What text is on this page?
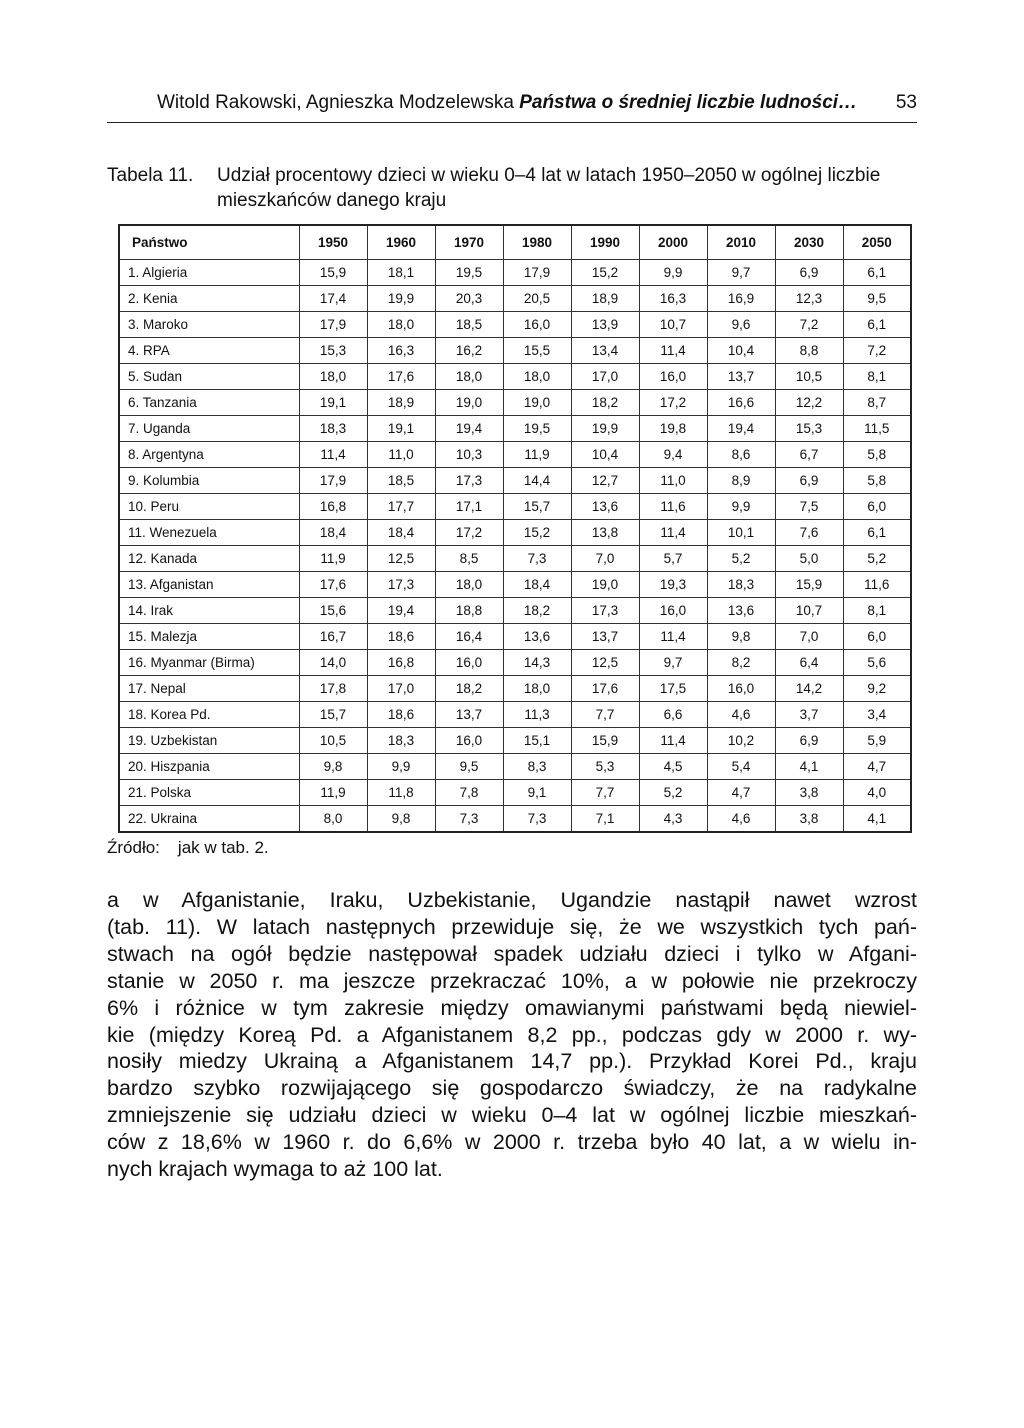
Witold Rakowski, Agnieszka Modzelewska Państwa o średniej liczbie ludności… 53
Tabela 11. Udział procentowy dzieci w wieku 0–4 lat w latach 1950–2050 w ogólnej liczbie mieszkańców danego kraju
Państwo	1950	1960	1970	1980	1990	2000	2010	2030	2050
1. Algieria	15,9	18,1	19,5	17,9	15,2	9,9	9,7	6,9	6,1
2. Kenia	17,4	19,9	20,3	20,5	18,9	16,3	16,9	12,3	9,5
3. Maroko	17,9	18,0	18,5	16,0	13,9	10,7	9,6	7,2	6,1
4. RPA	15,3	16,3	16,2	15,5	13,4	11,4	10,4	8,8	7,2
5. Sudan	18,0	17,6	18,0	18,0	17,0	16,0	13,7	10,5	8,1
6. Tanzania	19,1	18,9	19,0	19,0	18,2	17,2	16,6	12,2	8,7
7. Uganda	18,3	19,1	19,4	19,5	19,9	19,8	19,4	15,3	11,5
8. Argentyna	11,4	11,0	10,3	11,9	10,4	9,4	8,6	6,7	5,8
9. Kolumbia	17,9	18,5	17,3	14,4	12,7	11,0	8,9	6,9	5,8
10. Peru	16,8	17,7	17,1	15,7	13,6	11,6	9,9	7,5	6,0
11. Wenezuela	18,4	18,4	17,2	15,2	13,8	11,4	10,1	7,6	6,1
12. Kanada	11,9	12,5	8,5	7,3	7,0	5,7	5,2	5,0	5,2
13. Afganistan	17,6	17,3	18,0	18,4	19,0	19,3	18,3	15,9	11,6
14. Irak	15,6	19,4	18,8	18,2	17,3	16,0	13,6	10,7	8,1
15. Malezja	16,7	18,6	16,4	13,6	13,7	11,4	9,8	7,0	6,0
16. Myanmar (Birma)	14,0	16,8	16,0	14,3	12,5	9,7	8,2	6,4	5,6
17. Nepal	17,8	17,0	18,2	18,0	17,6	17,5	16,0	14,2	9,2
18. Korea Pd.	15,7	18,6	13,7	11,3	7,7	6,6	4,6	3,7	3,4
19. Uzbekistan	10,5	18,3	16,0	15,1	15,9	11,4	10,2	6,9	5,9
20. Hiszpania	9,8	9,9	9,5	8,3	5,3	4,5	5,4	4,1	4,7
21. Polska	11,9	11,8	7,8	9,1	7,7	5,2	4,7	3,8	4,0
22. Ukraina	8,0	9,8	7,3	7,3	7,1	4,3	4,6	3,8	4,1
Źródło: jak w tab. 2.
a w Afganistanie, Iraku, Uzbekistanie, Ugandzie nastąpił nawet wzrost
(tab. 11). W latach następnych przewiduje się, że we wszystkich tych pań-
stwach na ogół będzie następował spadek udziału dzieci i tylko w Afgani-
stanie w 2050 r. ma jeszcze przekraczać 10%, a w połowie nie przekroczy
6% i różnice w tym zakresie między omawianymi państwami będą niewiel-
kie (między Koreą Pd. a Afganistanem 8,2 pp., podczas gdy w 2000 r. wy-
nosiły miedzy Ukrainą a Afganistanem 14,7 pp.). Przykład Korei Pd., kraju
bardzo szybko rozwijającego się gospodarczo świadczy, że na radykalne
zmniejszenie się udziału dzieci w wieku 0–4 lat w ogólnej liczbie mieszkań-
ców z 18,6% w 1960 r. do 6,6% w 2000 r. trzeba było 40 lat, a w wielu in-
nych krajach wymaga to aż 100 lat.
